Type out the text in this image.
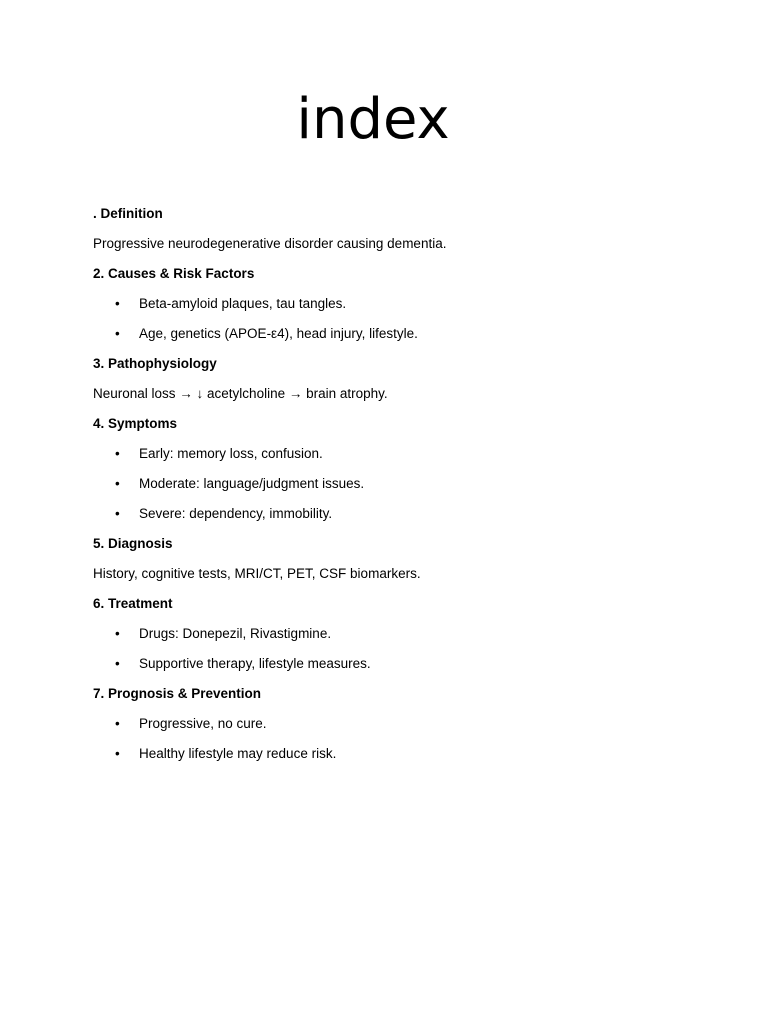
index

. Definition

Progressive neurodegenerative disorder causing dementia.

2. Causes & Risk Factors

•	Beta-amyloid plaques, tau tangles.
•	Age, genetics (APOE-ε4), head injury, lifestyle.

3. Pathophysiology

Neuronal loss → ↓ acetylcholine → brain atrophy.

4. Symptoms

•	Early: memory loss, confusion.
•	Moderate: language/judgment issues.
•	Severe: dependency, immobility.

5. Diagnosis

History, cognitive tests, MRI/CT, PET, CSF biomarkers.

6. Treatment

•	Drugs: Donepezil, Rivastigmine.
•	Supportive therapy, lifestyle measures.

7. Prognosis & Prevention

•	Progressive, no cure.
•	Healthy lifestyle may reduce risk.
